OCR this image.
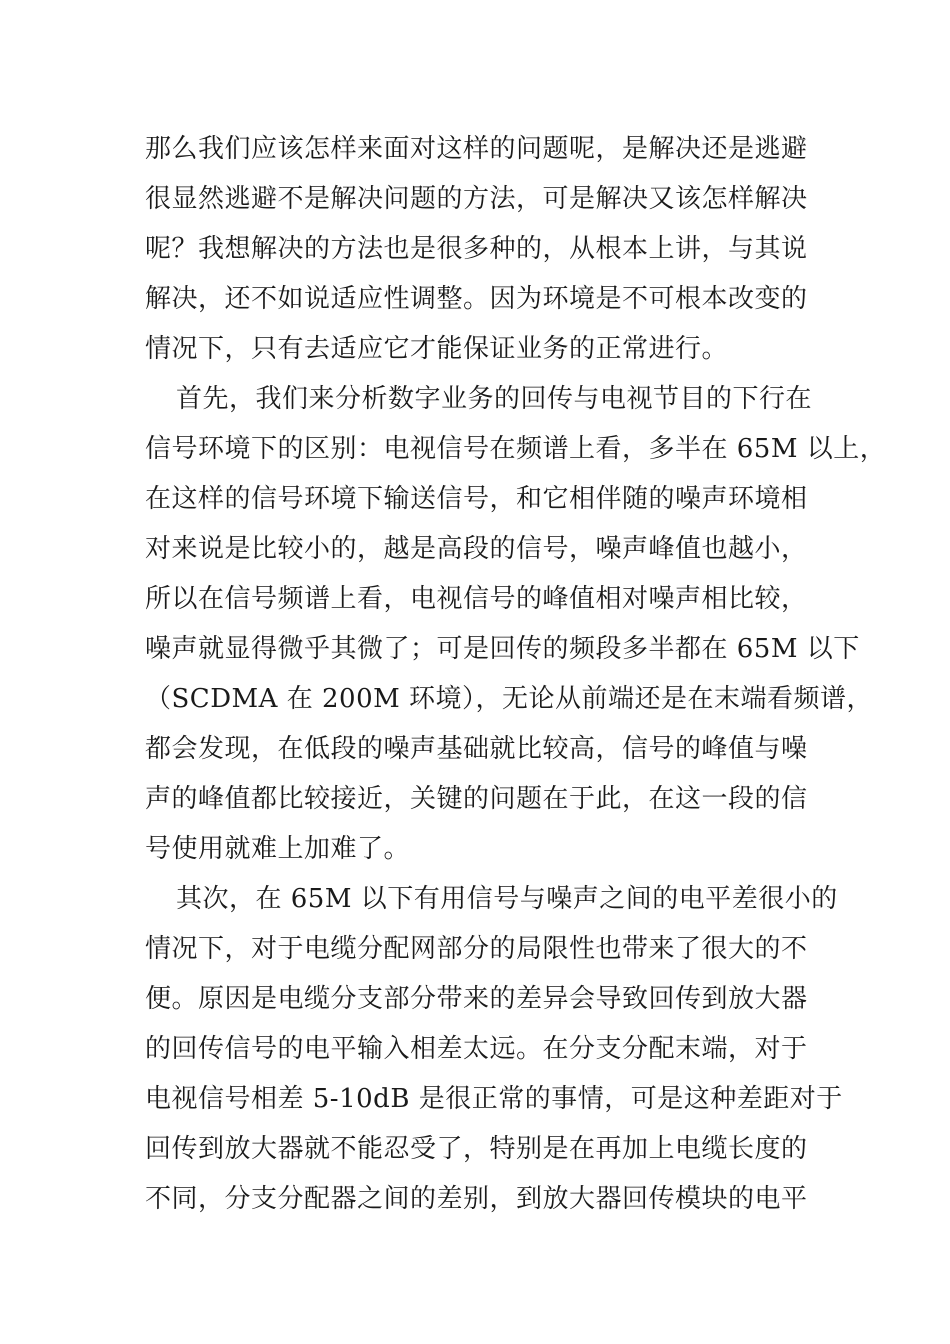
那么我们应该怎样来面对这样的问题呢，是解决还是逃避
很显然逃避不是解决问题的方法，可是解决又该怎样解决
呢？我想解决的方法也是很多种的，从根本上讲，与其说
解决，还不如说适应性调整。因为环境是不可根本改变的
情况下，只有去适应它才能保证业务的正常进行。
首先，我们来分析数字业务的回传与电视节目的下行在
信号环境下的区别：电视信号在频谱上看，多半在 65M 以上，
在这样的信号环境下输送信号，和它相伴随的噪声环境相
对来说是比较小的，越是高段的信号，噪声峰值也越小，
所以在信号频谱上看，电视信号的峰值相对噪声相比较，
噪声就显得微乎其微了；可是回传的频段多半都在 65M 以下
（SCDMA 在 200M 环境），无论从前端还是在末端看频谱，
都会发现，在低段的噪声基础就比较高，信号的峰值与噪
声的峰值都比较接近，关键的问题在于此，在这一段的信
号使用就难上加难了。
其次，在 65M 以下有用信号与噪声之间的电平差很小的
情况下，对于电缆分配网部分的局限性也带来了很大的不
便。原因是电缆分支部分带来的差异会导致回传到放大器
的回传信号的电平输入相差太远。在分支分配末端，对于
电视信号相差 5-10dB 是很正常的事情，可是这种差距对于
回传到放大器就不能忍受了，特别是在再加上电缆长度的
不同，分支分配器之间的差别，到放大器回传模块的电平
